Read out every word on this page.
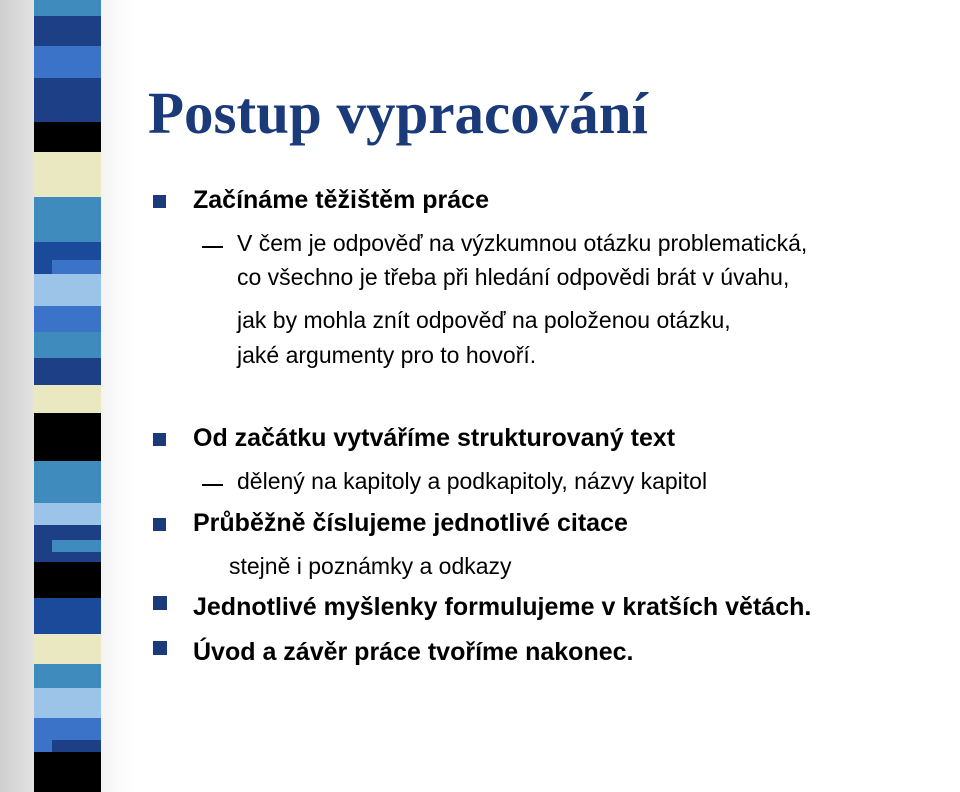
Postup vypracování
Začínáme těžištěm práce
V čem je odpověď na výzkumnou otázku problematická,
co všechno je třeba při hledání odpovědi brát v úvahu,
jak by mohla znít odpověď na položenou otázku,
jaké argumenty pro to hovoří.
Od začátku vytváříme strukturovaný text
dělený na kapitoly a podkapitoly, názvy kapitol
Průběžně číslujeme jednotlivé citace
stejně i poznámky a odkazy
Jednotlivé myšlenky formulujeme v kratších větách.
Úvod a závěr práce tvoříme nakonec.
